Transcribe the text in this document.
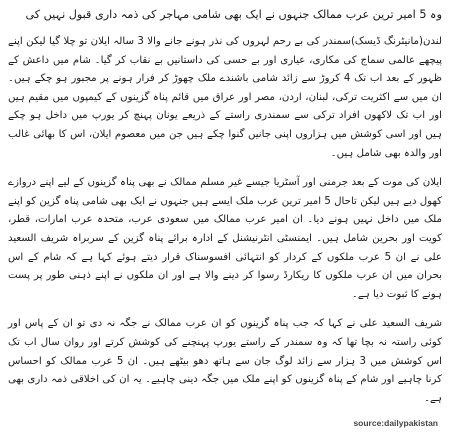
وہ 5 امیر ترین عرب ممالک جنہوں نے ایک بھی شامی مہاجر کی ذمہ داری قبول نہیں کی

لندن(مانیٹرنگ ڈیسک)سمندر کی بے رحم لہروں کی نذر ہونے جانے والا 3 سالہ ایلان تو چلا گیا لیکن اپنے پیچھے عالمی سماج کی مکاری، عیاری اور بے حسی کی داستانیں بے نقاب کر گیا۔ شام میں داعش کے ظہور کے بعد اب تک 4 کروڑ سے زائد شامی باشندے ملک چھوڑ کر فرار ہونے پر مجبور ہو چکے ہیں۔ ان میں سے اکثریت ترکی، لبنان، اردن، مصر اور عراق میں قائم پناہ گزینوں کے کیمپوں میں مقیم ہیں اور اب تک لاکھوں افراد ترکی سے سمندری راستے کے ذریعے یونان پہنچ کر یورپ میں داخل ہو چکے ہیں اور اسی کوشش میں ہزاروں اپنی جانیں گنوا چکے ہیں جن میں معصوم ایلان، اس کا بھائی غالب اور والدہ بھی شامل ہیں۔

ایلان کی موت کے بعد جرمنی اور آسٹریا جیسے غیر مسلم ممالک نے بھی پناہ گزینوں کے لیے اپنے دروازے کھول دیے ہیں لیکن تاحال 5 امیر ترین عرب ملک ایسے ہیں جنہوں نے ایک بھی شامی پناہ گزین کو اپنے ملک میں داخل نہیں ہونے دیا۔ ان امیر عرب ممالک میں سعودی عرب، متحدہ عرب امارات، قطر، کویت اور بحرین شامل ہیں۔ ایمنسٹی انٹرنیشنل کے ادارہ برائے پناہ گزین کے سربراہ شریف السعید علی نے ان 5 عرب ملکوں کے کردار کو انتہائی افسوسناک قرار دیتے ہوئے کہا ہے کہ شام کے اس بحران میں ان عرب ملکوں کا ریکارڈ رسوا کر دینے والا ہے اور ان ملکوں نے اپنے ذہنی طور پر پست ہونے کا ثبوت دیا ہے۔

شریف السعید علی نے کہا کہ جب پناہ گزینوں کو ان عرب ممالک نے جگہ نہ دی تو ان کے پاس اور کوئی راستہ نہ بچا تھا کہ وہ سمندر کے راستے یورپ پہنچنے کی کوشش کرتے اور روان سال اب تک اس کوشش میں 3 ہزار سے زائد لوگ جان سے ہاتھ دھو بیٹھے ہیں۔ ان 5 عرب ممالک کو احساس کرنا چاہیے اور شام کے پناہ گزینوں کو اپنے ملک میں جگہ دینی چاہیے۔ یہ ان کی اخلاقی ذمہ داری بھی ہے۔

source:dailypakistan
